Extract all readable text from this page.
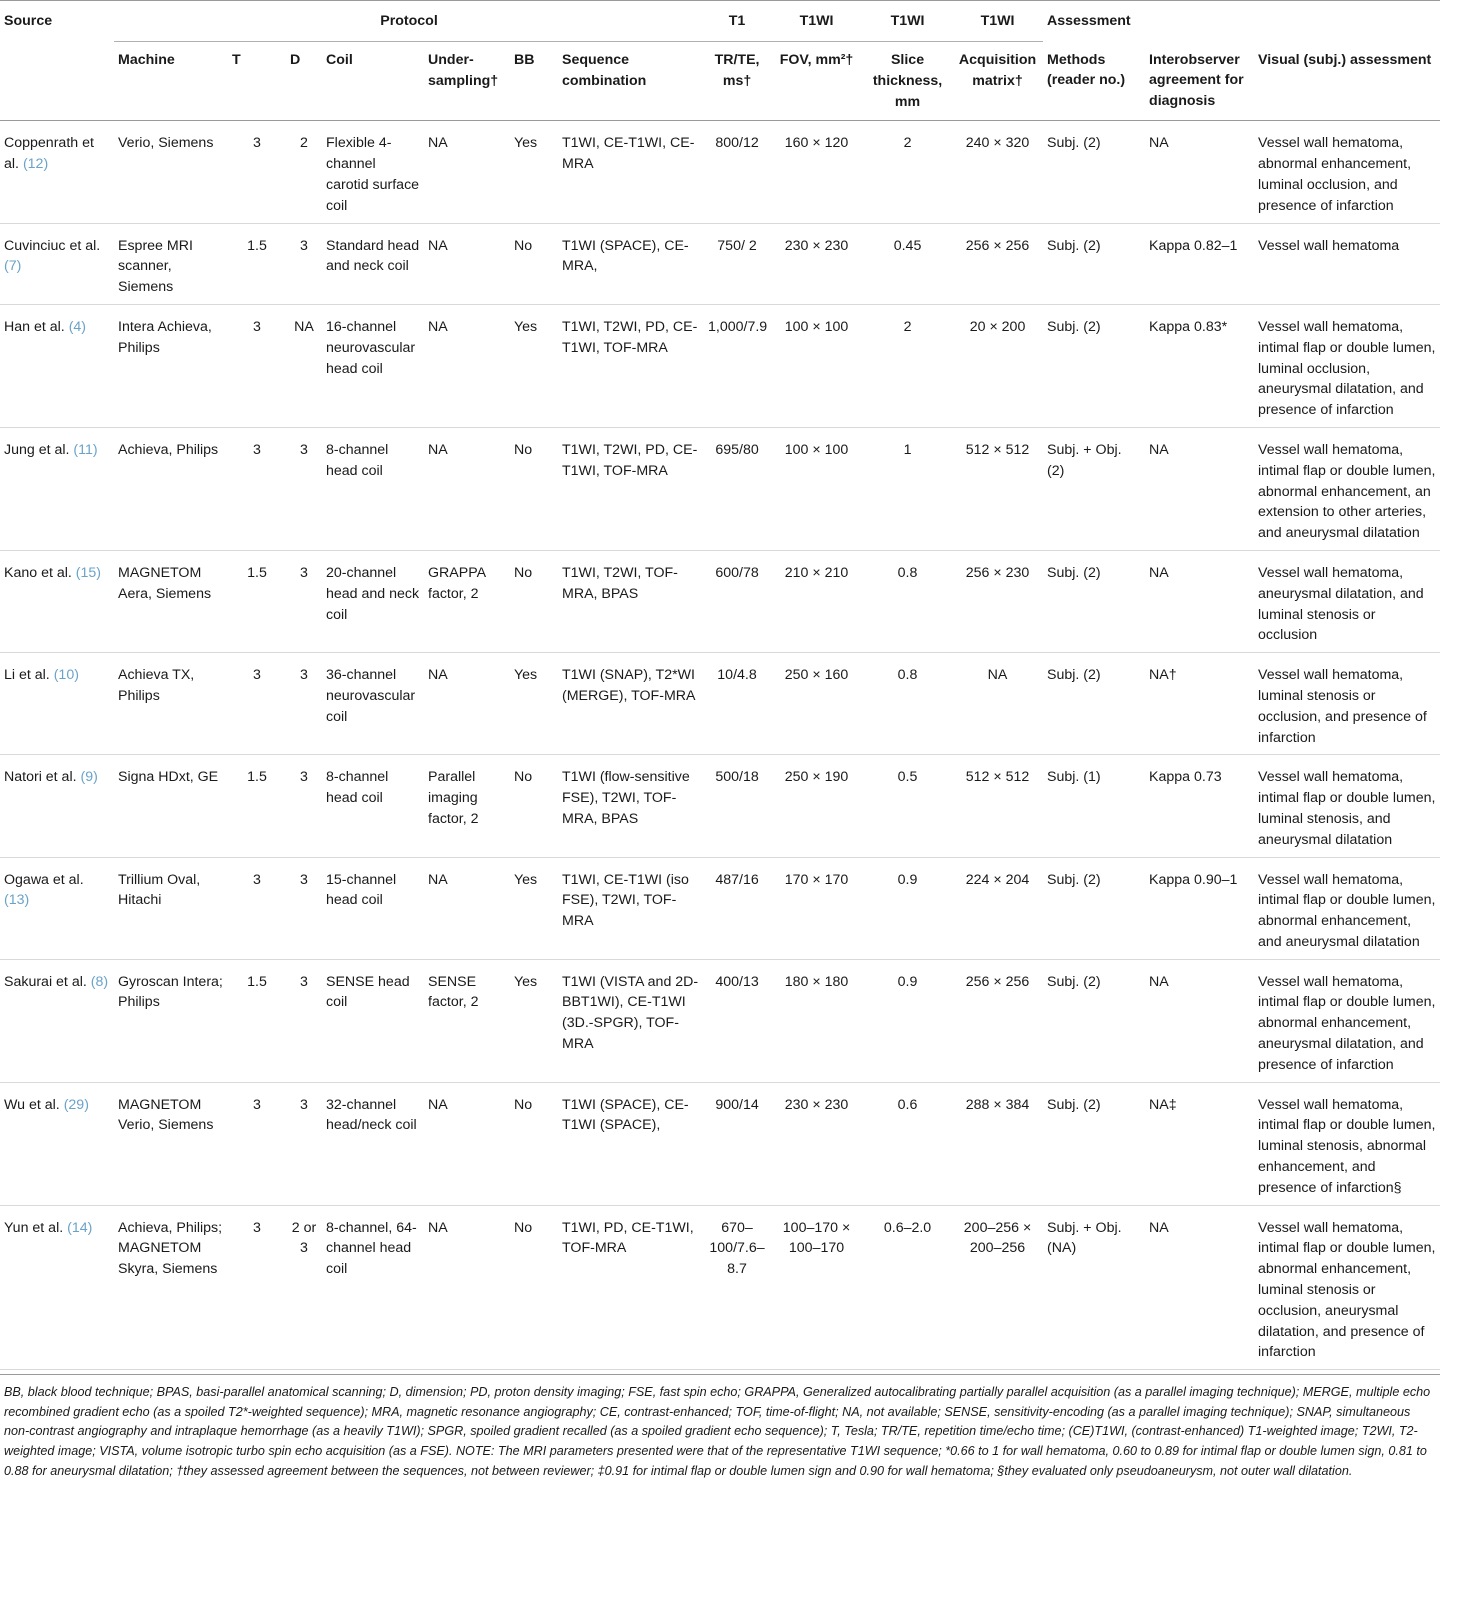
Source	Protocol							T1	T1WI	T1WI	T1WI	Assessment		
	Machine	T	D	Coil	Under-sampling†	BB	Sequence combination	TR/TE, ms†	FOV, mm²†	Slice thickness, mm	Acquisition matrix†	Methods (reader no.)	Interobserver agreement for diagnosis	Visual (subj.) assessment
Coppenrath et al. (12)	Verio, Siemens	3	2	Flexible 4-channel carotid surface coil	NA	Yes	T1WI, CE-T1WI, CE-MRA	800/12	160 × 120	2	240 × 320	Subj. (2)	NA	Vessel wall hematoma, abnormal enhancement, luminal occlusion, and presence of infarction
Cuvinciuc et al. (7)	Espree MRI scanner, Siemens	1.5	3	Standard head and neck coil	NA	No	T1WI (SPACE), CE-MRA,	750/ 2	230 × 230	0.45	256 × 256	Subj. (2)	Kappa 0.82–1	Vessel wall hematoma
Han et al. (4)	Intera Achieva, Philips	3	NA	16-channel neurovascular head coil	NA	Yes	T1WI, T2WI, PD, CE-T1WI, TOF-MRA	1,000/7.9	100 × 100	2	20 × 200	Subj. (2)	Kappa 0.83*	Vessel wall hematoma, intimal flap or double lumen, luminal occlusion, aneurysmal dilatation, and presence of infarction
Jung et al. (11)	Achieva, Philips	3	3	8-channel head coil	NA	No	T1WI, T2WI, PD, CE-T1WI, TOF-MRA	695/80	100 × 100	1	512 × 512	Subj. + Obj. (2)	NA	Vessel wall hematoma, intimal flap or double lumen, abnormal enhancement, an extension to other arteries, and aneurysmal dilatation
Kano et al. (15)	MAGNETOM Aera, Siemens	1.5	3	20-channel head and neck coil	GRAPPA factor, 2	No	T1WI, T2WI, TOF-MRA, BPAS	600/78	210 × 210	0.8	256 × 230	Subj. (2)	NA	Vessel wall hematoma, aneurysmal dilatation, and luminal stenosis or occlusion
Li et al. (10)	Achieva TX, Philips	3	3	36-channel neurovascular coil	NA	Yes	T1WI (SNAP), T2*WI (MERGE), TOF-MRA	10/4.8	250 × 160	0.8	NA	Subj. (2)	NA†	Vessel wall hematoma, luminal stenosis or occlusion, and presence of infarction
Natori et al. (9)	Signa HDxt, GE	1.5	3	8-channel head coil	Parallel imaging factor, 2	No	T1WI (flow-sensitive FSE), T2WI, TOF-MRA, BPAS	500/18	250 × 190	0.5	512 × 512	Subj. (1)	Kappa 0.73	Vessel wall hematoma, intimal flap or double lumen, luminal stenosis, and aneurysmal dilatation
Ogawa et al. (13)	Trillium Oval, Hitachi	3	3	15-channel head coil	NA	Yes	T1WI, CE-T1WI (iso FSE), T2WI, TOF-MRA	487/16	170 × 170	0.9	224 × 204	Subj. (2)	Kappa 0.90–1	Vessel wall hematoma, intimal flap or double lumen, abnormal enhancement, and aneurysmal dilatation
Sakurai et al. (8)	Gyroscan Intera; Philips	1.5	3	SENSE head coil	SENSE factor, 2	Yes	T1WI (VISTA and 2D-BBT1WI), CE-T1WI (3D.-SPGR), TOF-MRA	400/13	180 × 180	0.9	256 × 256	Subj. (2)	NA	Vessel wall hematoma, intimal flap or double lumen, abnormal enhancement, aneurysmal dilatation, and presence of infarction
Wu et al. (29)	MAGNETOM Verio, Siemens	3	3	32-channel head/neck coil	NA	No	T1WI (SPACE), CE-T1WI (SPACE),	900/14	230 × 230	0.6	288 × 384	Subj. (2)	NA‡	Vessel wall hematoma, intimal flap or double lumen, luminal stenosis, abnormal enhancement, and presence of infarction§
Yun et al. (14)	Achieva, Philips; MAGNETOM Skyra, Siemens	3	2 or 3	8-channel, 64-channel head coil	NA	No	T1WI, PD, CE-T1WI, TOF-MRA	670–100/7.6–8.7	100–170 × 100–170	0.6–2.0	200–256 × 200–256	Subj. + Obj. (NA)	NA	Vessel wall hematoma, intimal flap or double lumen, abnormal enhancement, luminal stenosis or occlusion, aneurysmal dilatation, and presence of infarction
BB, black blood technique; BPAS, basi-parallel anatomical scanning; D, dimension; PD, proton density imaging; FSE, fast spin echo; GRAPPA, Generalized autocalibrating partially parallel acquisition (as a parallel imaging technique); MERGE, multiple echo recombined gradient echo (as a spoiled T2*-weighted sequence); MRA, magnetic resonance angiography; CE, contrast-enhanced; TOF, time-of-flight; NA, not available; SENSE, sensitivity-encoding (as a parallel imaging technique); SNAP, simultaneous non-contrast angiography and intraplaque hemorrhage (as a heavily T1WI); SPGR, spoiled gradient recalled (as a spoiled gradient echo sequence); T, Tesla; TR/TE, repetition time/echo time; (CE)T1WI, (contrast-enhanced) T1-weighted image; T2WI, T2-weighted image; VISTA, volume isotropic turbo spin echo acquisition (as a FSE). NOTE: The MRI parameters presented were that of the representative T1WI sequence; *0.66 to 1 for wall hematoma, 0.60 to 0.89 for intimal flap or double lumen sign, 0.81 to 0.88 for aneurysmal dilatation; †they assessed agreement between the sequences, not between reviewer; ‡0.91 for intimal flap or double lumen sign and 0.90 for wall hematoma; §they evaluated only pseudoaneurysm, not outer wall dilatation.
